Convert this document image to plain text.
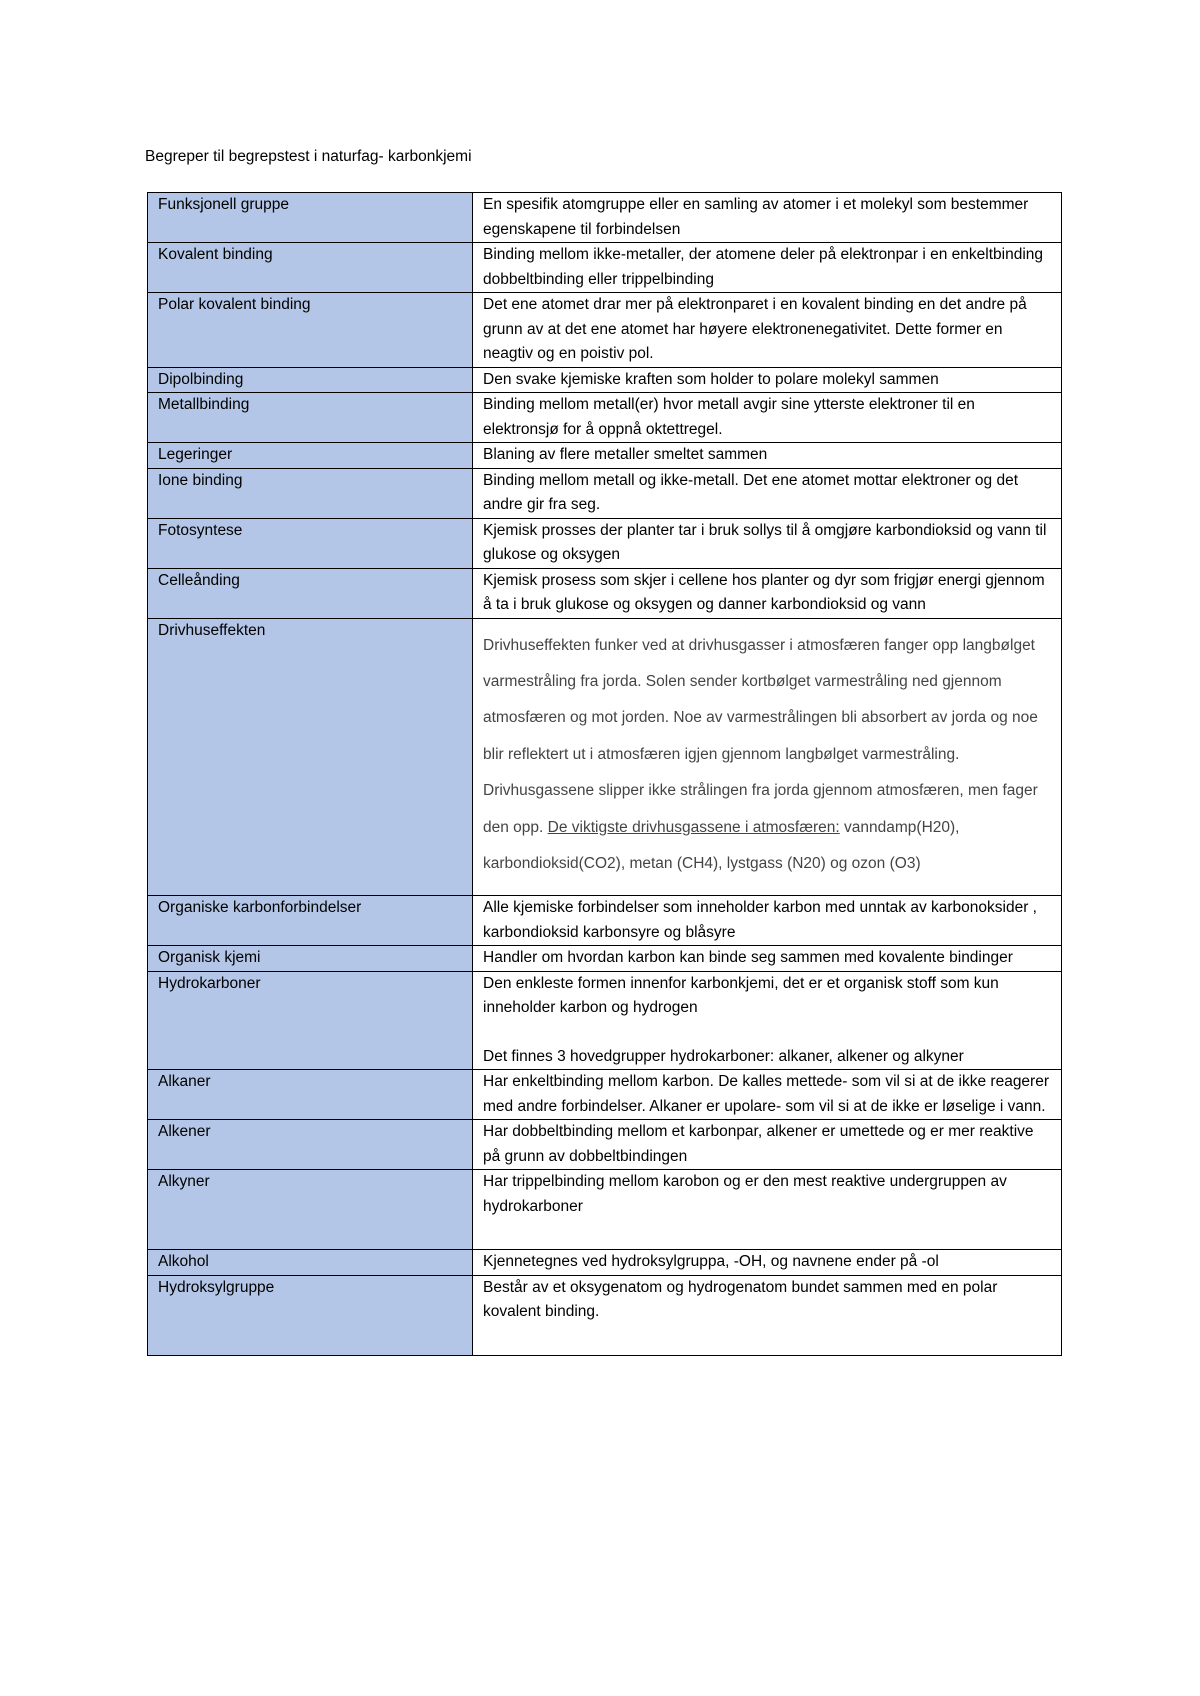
Begreper til begrepstest i naturfag- karbonkjemi
Funksjonell gruppe	En spesifik atomgruppe eller en samling av atomer i et molekyl som bestemmer egenskapene til forbindelsen
Kovalent binding	Binding mellom ikke-metaller, der atomene deler på elektronpar i en enkeltbinding dobbeltbinding eller trippelbinding
Polar kovalent binding	Det ene atomet drar mer på elektronparet i en kovalent binding en det andre på grunn av at det ene atomet har høyere elektronenegativitet. Dette former en neagtiv og en poistiv pol.
Dipolbinding	Den svake kjemiske kraften som holder to polare molekyl sammen
Metallbinding	Binding mellom metall(er) hvor metall avgir sine ytterste elektroner til en elektronsjø for å oppnå oktettregel.
Legeringer	Blaning av flere metaller smeltet sammen
Ione binding	Binding mellom metall og ikke-metall. Det ene atomet mottar elektroner og det andre gir fra seg.
Fotosyntese	Kjemisk prosses der planter tar i bruk sollys til å omgjøre karbondioksid og vann til glukose og oksygen
Celleånding	Kjemisk prosess som skjer i cellene hos planter og dyr som frigjør energi gjennom å ta i bruk glukose og oksygen og danner karbondioksid og vann
Drivhuseffekten	Drivhuseffekten funker ved at drivhusgasser i atmosfæren fanger opp langbølget varmestråling fra jorda. Solen sender kortbølget varmestråling ned gjennom atmosfæren og mot jorden. Noe av varmestrålingen bli absorbert av jorda og noe blir reflektert ut i atmosfæren igjen gjennom langbølget varmestråling. Drivhusgassene slipper ikke strålingen fra jorda gjennom atmosfæren, men fager den opp. De viktigste drivhusgassene i atmosfæren: vanndamp(H20), karbondioksid(CO2), metan (CH4), lystgass (N20) og ozon (O3)
Organiske karbonforbindelser	Alle kjemiske forbindelser som inneholder karbon med unntak av karbonoksider , karbondioksid karbonsyre og blåsyre
Organisk kjemi	Handler om hvordan karbon kan binde seg sammen med kovalente bindinger
Hydrokarboner	Den enkleste formen innenfor karbonkjemi, det er et organisk stoff som kun inneholder karbon og hydrogen
Det finnes 3 hovedgrupper hydrokarboner: alkaner, alkener og alkyner

Alkaner	Har enkeltbinding mellom karbon. De kalles mettede- som vil si at de ikke reagerer med andre forbindelser. Alkaner er upolare- som vil si at de ikke er løselige i vann.
Alkener	Har dobbeltbinding mellom et karbonpar, alkener er umettede og er mer reaktive på grunn av dobbeltbindingen
Alkyner	Har trippelbinding mellom karobon og er den mest reaktive undergruppen av hydrokarboner
Alkohol	Kjennetegnes ved hydroksylgruppa, -OH, og navnene ender på -ol
Hydroksylgruppe	Består av et oksygenatom og hydrogenatom bundet sammen med en polar kovalent binding.
